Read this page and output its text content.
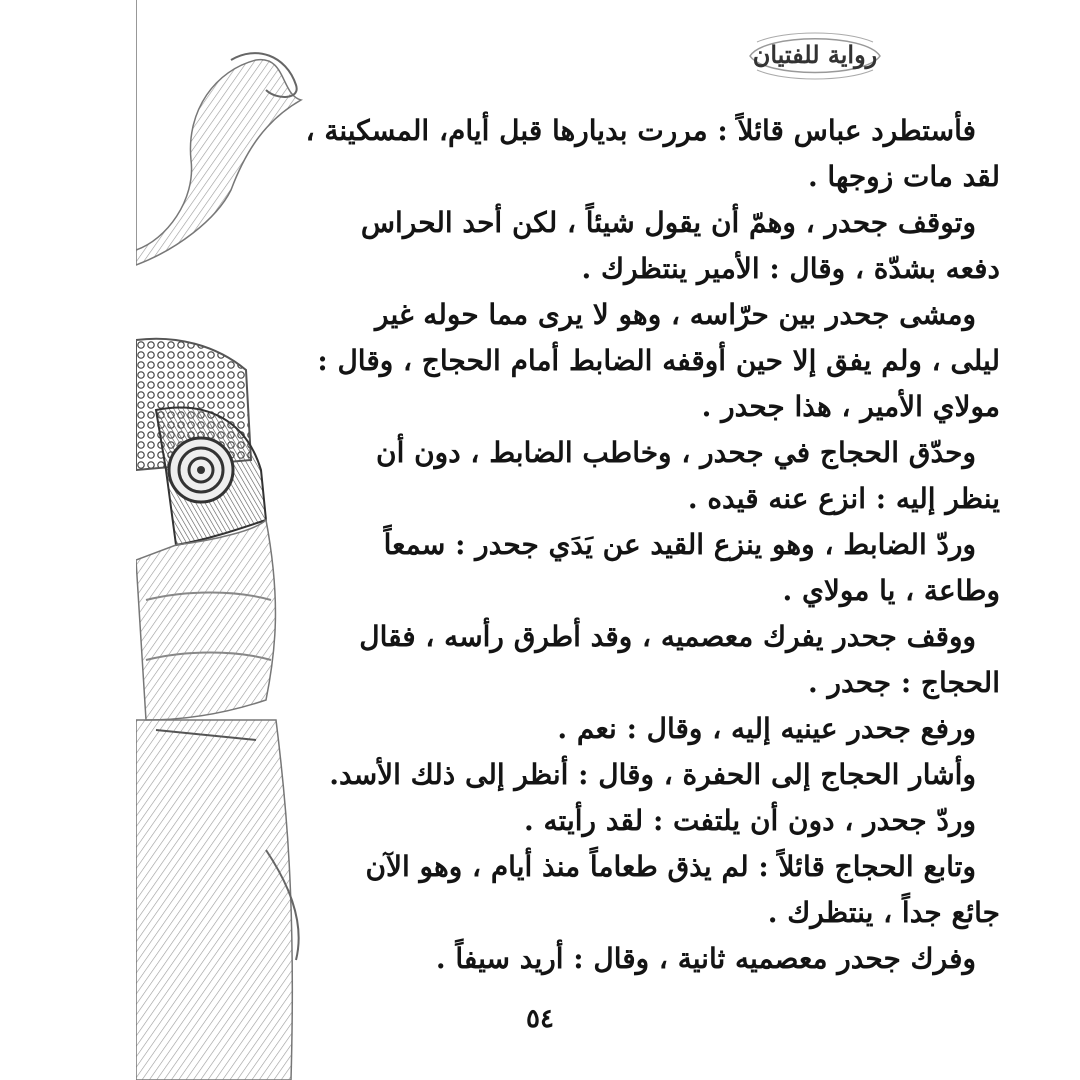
رواية للفتيان

فأستطرد عباس قائلاً : مررت بديارها قبل أيام، المسكينة ،
لقد مات زوجها .

وتوقف جحدر ، وهمّ أن يقول شيئاً ، لكن أحد الحراس
دفعه بشدّة ، وقال : الأمير ينتظرك .

ومشى جحدر بين حرّاسه ، وهو لا يرى مما حوله غير
ليلى ، ولم يفق إلا حين أوقفه الضابط أمام الحجاج ، وقال :
مولاي الأمير ، هذا جحدر .

وحدّق الحجاج في جحدر ، وخاطب الضابط ، دون أن
ينظر إليه : انزع عنه قيده .

وردّ الضابط ، وهو ينزع القيد عن يَدَي جحدر : سمعاً
وطاعة ، يا مولاي .

ووقف جحدر يفرك معصميه ، وقد أطرق رأسه ، فقال
الحجاج : جحدر .

ورفع جحدر عينيه إليه ، وقال : نعم .

وأشار الحجاج إلى الحفرة ، وقال : أنظر إلى ذلك الأسد.

وردّ جحدر ، دون أن يلتفت : لقد رأيته .

وتابع الحجاج قائلاً : لم يذق طعاماً منذ أيام ، وهو الآن
جائع جداً ، ينتظرك .

وفرك جحدر معصميه ثانية ، وقال : أريد سيفاً .

٥٤
